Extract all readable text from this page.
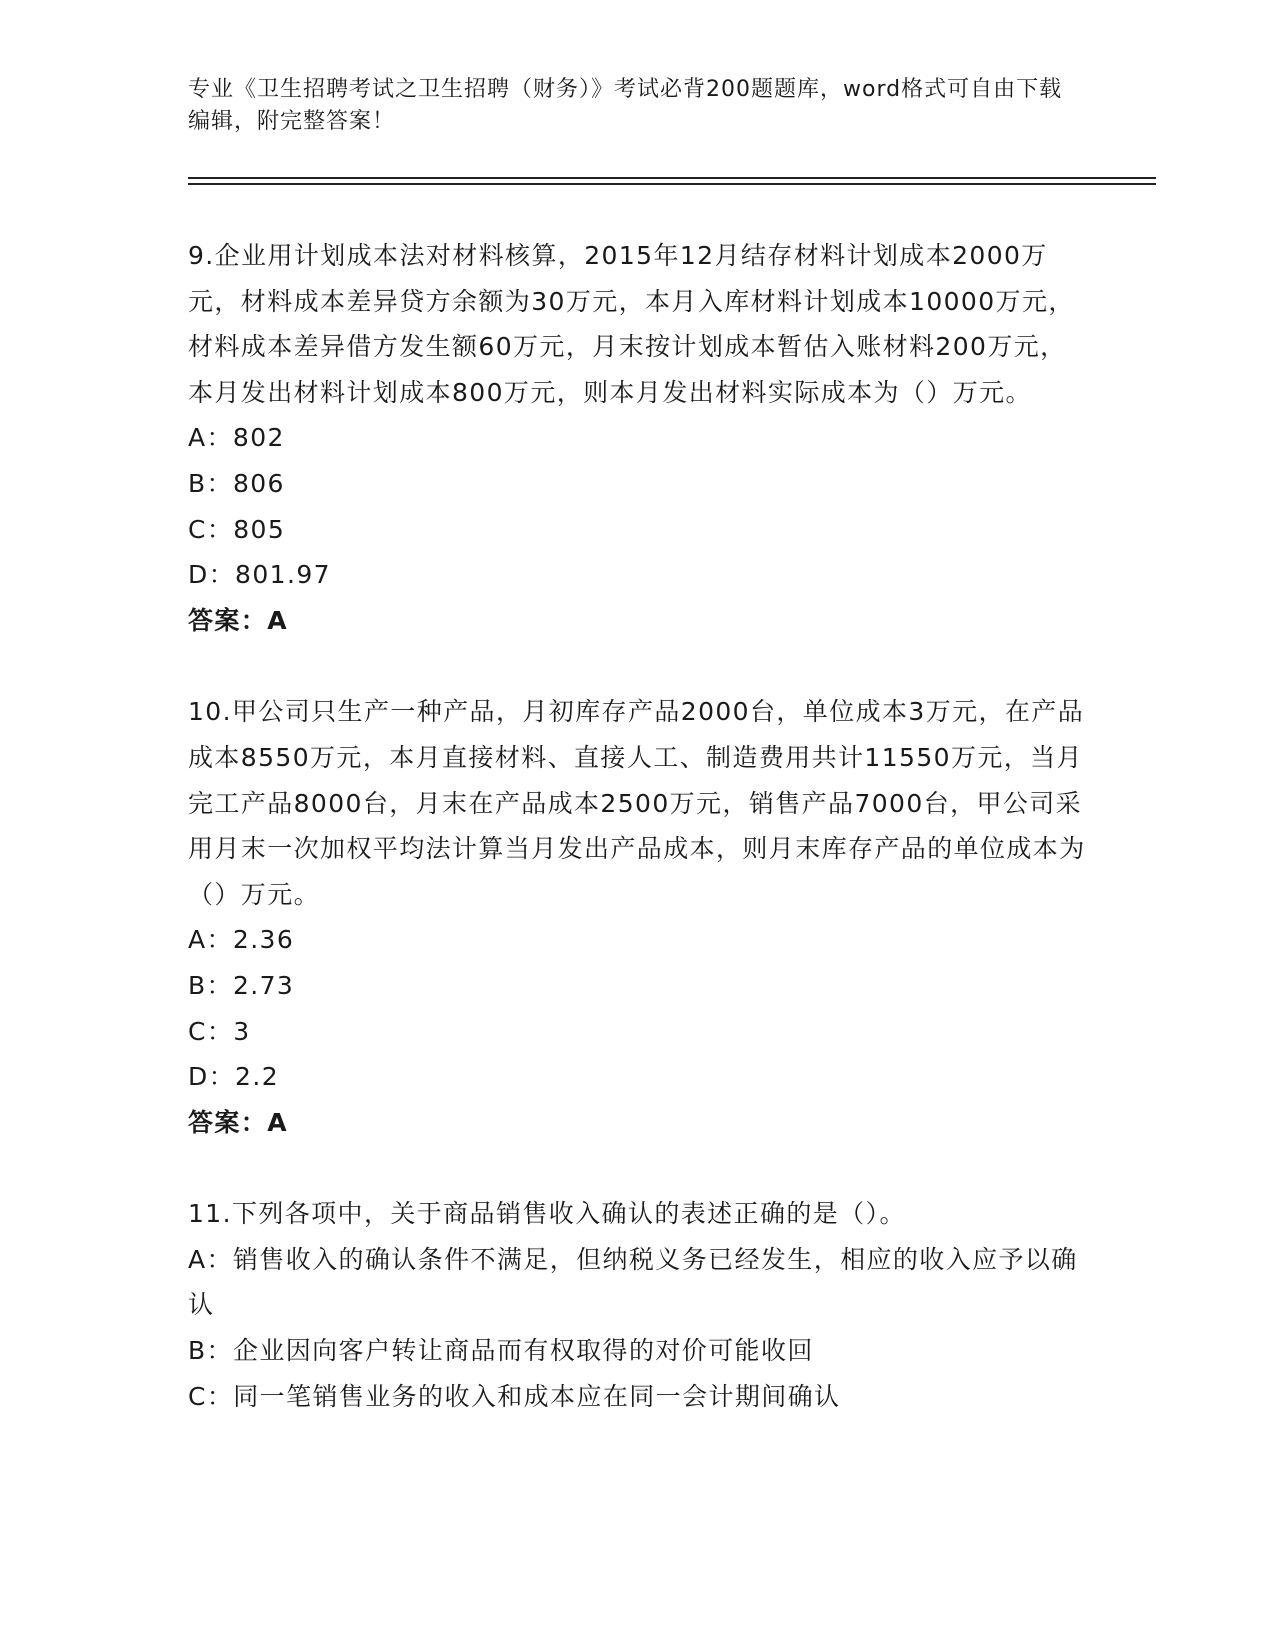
专业《卫生招聘考试之卫生招聘（财务）》考试必背200题题库，word格式可自由下载编辑，附完整答案！

9.企业用计划成本法对材料核算，2015年12月结存材料计划成本2000万元，材料成本差异贷方余额为30万元，本月入库材料计划成本10000万元，材料成本差异借方发生额60万元，月末按计划成本暂估入账材料200万元，本月发出材料计划成本800万元，则本月发出材料实际成本为（）万元。

A：802

B：806

C：805

D：801.97

答案：A

10.甲公司只生产一种产品，月初库存产品2000台，单位成本3万元，在产品成本8550万元，本月直接材料、直接人工、制造费用共计11550万元，当月完工产品8000台，月末在产品成本2500万元，销售产品7000台，甲公司采用月末一次加权平均法计算当月发出产品成本，则月末库存产品的单位成本为（）万元。

A：2.36

B：2.73

C：3

D：2.2

答案：A

11.下列各项中，关于商品销售收入确认的表述正确的是（）。

A：销售收入的确认条件不满足，但纳税义务已经发生，相应的收入应予以确认

B：企业因向客户转让商品而有权取得的对价可能收回

C：同一笔销售业务的收入和成本应在同一会计期间确认
